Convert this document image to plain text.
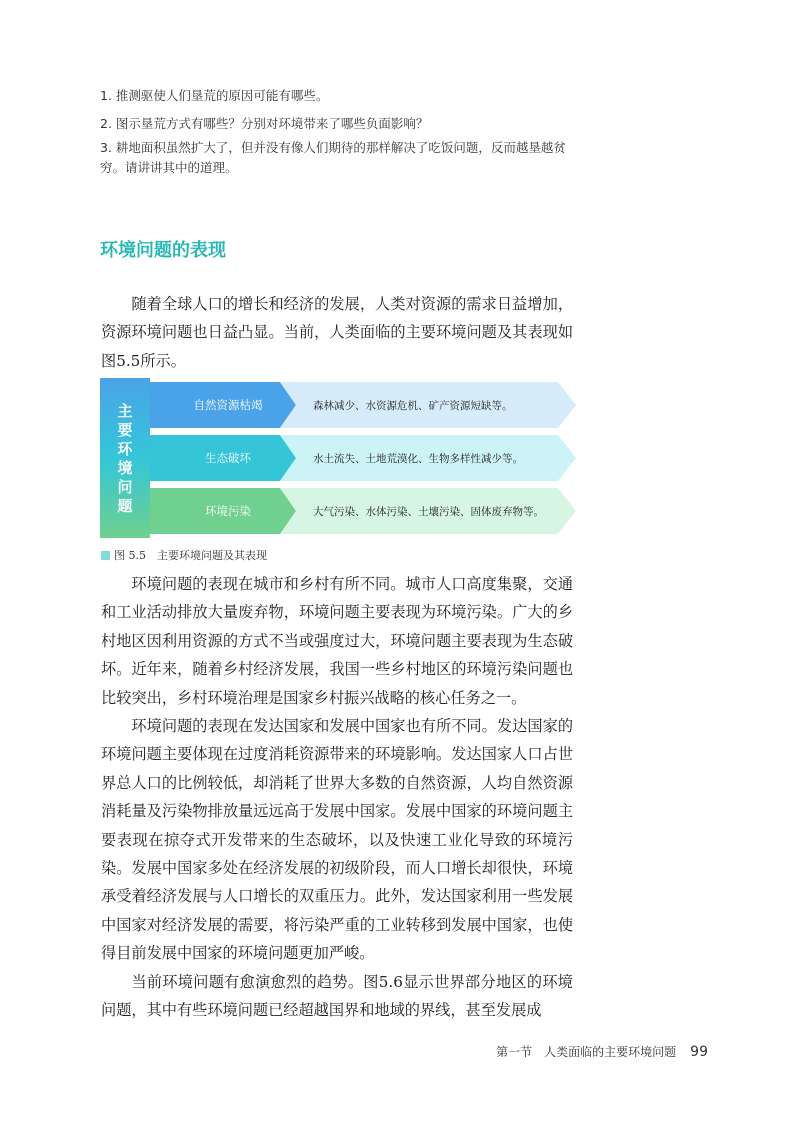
1. 推测驱使人们垦荒的原因可能有哪些。
2. 图示垦荒方式有哪些？分别对环境带来了哪些负面影响？
3. 耕地面积虽然扩大了，但并没有像人们期待的那样解决了吃饭问题，反而越垦越贫穷。请讲讲其中的道理。
环境问题的表现

随着全球人口的增长和经济的发展，人类对资源的需求日益增加，资源环境问题也日益凸显。当前，人类面临的主要环境问题及其表现如图5.5所示。

主
要
环
境
问
题
自然资源枯竭
生态破坏
环境污染
森林减少、水资源危机、矿产资源短缺等。
水土流失、土地荒漠化、生物多样性减少等。
大气污染、水体污染、土壤污染、固体废弃物等。
图 5.5　主要环境问题及其表现

环境问题的表现在城市和乡村有所不同。城市人口高度集聚，交通和工业活动排放大量废弃物，环境问题主要表现为环境污染。广大的乡村地区因利用资源的方式不当或强度过大，环境问题主要表现为生态破坏。近年来，随着乡村经济发展，我国一些乡村地区的环境污染问题也比较突出，乡村环境治理是国家乡村振兴战略的核心任务之一。

环境问题的表现在发达国家和发展中国家也有所不同。发达国家的环境问题主要体现在过度消耗资源带来的环境影响。发达国家人口占世界总人口的比例较低，却消耗了世界大多数的自然资源，人均自然资源消耗量及污染物排放量远远高于发展中国家。发展中国家的环境问题主要表现在掠夺式开发带来的生态破坏，以及快速工业化导致的环境污染。发展中国家多处在经济发展的初级阶段，而人口增长却很快，环境承受着经济发展与人口增长的双重压力。此外，发达国家利用一些发展中国家对经济发展的需要，将污染严重的工业转移到发展中国家，也使得目前发展中国家的环境问题更加严峻。

当前环境问题有愈演愈烈的趋势。图5.6显示世界部分地区的环境问题，其中有些环境问题已经超越国界和地域的界线，甚至发展成

第一节　人类面临的主要环境问题 99
